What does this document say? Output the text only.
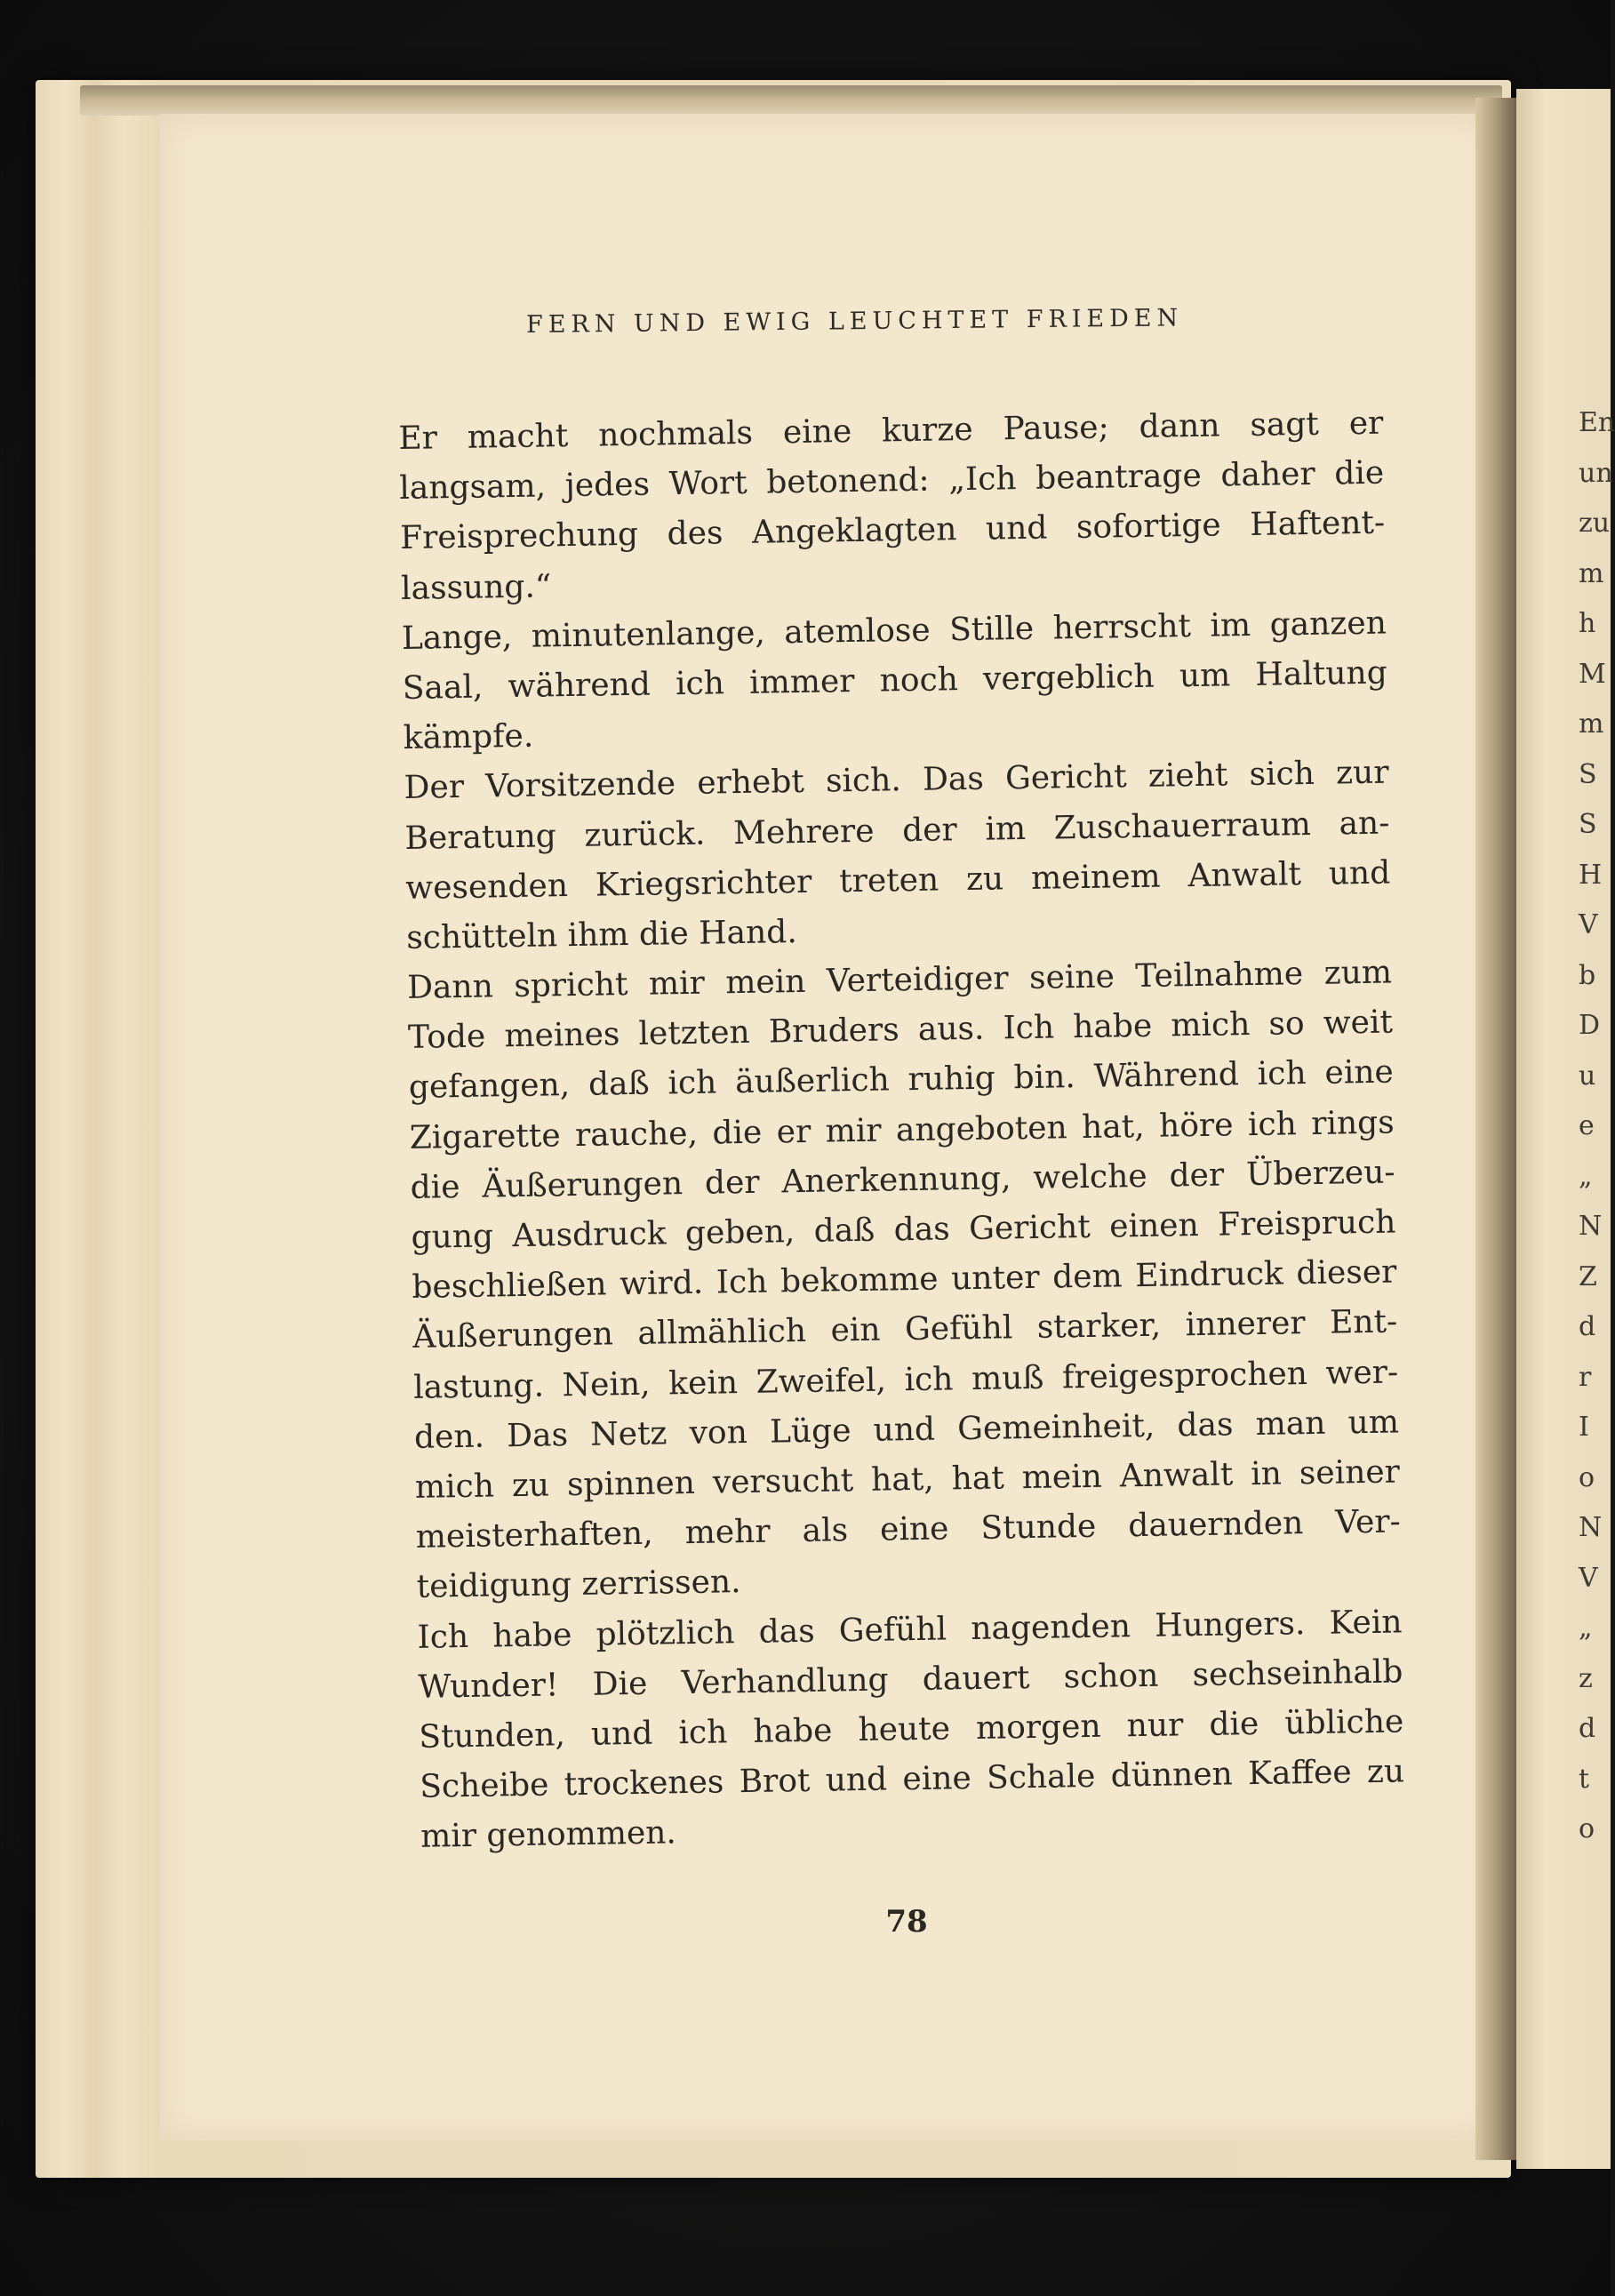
En
un
zu
m
h
M
m
S
S
H
V
b
D
u
e
„
N
Z
d
r
I
o
N
V
„
z
d
t
o
FERN UND EWIG LEUCHTET FRIEDEN
Er macht nochmals eine kurze Pause; dann sagt er
langsam, jedes Wort betonend: „Ich beantrage daher die
Freisprechung des Angeklagten und sofortige Haftent-
lassung.“
Lange, minutenlange, atemlose Stille herrscht im ganzen
Saal, während ich immer noch vergeblich um Haltung
kämpfe.
Der Vorsitzende erhebt sich. Das Gericht zieht sich zur
Beratung zurück. Mehrere der im Zuschauerraum an-
wesenden Kriegsrichter treten zu meinem Anwalt und
schütteln ihm die Hand.
Dann spricht mir mein Verteidiger seine Teilnahme zum
Tode meines letzten Bruders aus. Ich habe mich so weit
gefangen, daß ich äußerlich ruhig bin. Während ich eine
Zigarette rauche, die er mir angeboten hat, höre ich rings
die Äußerungen der Anerkennung, welche der Überzeu-
gung Ausdruck geben, daß das Gericht einen Freispruch
beschließen wird. Ich bekomme unter dem Eindruck dieser
Äußerungen allmählich ein Gefühl starker, innerer Ent-
lastung. Nein, kein Zweifel, ich muß freigesprochen wer-
den. Das Netz von Lüge und Gemeinheit, das man um
mich zu spinnen versucht hat, hat mein Anwalt in seiner
meisterhaften, mehr als eine Stunde dauernden Ver-
teidigung zerrissen.
Ich habe plötzlich das Gefühl nagenden Hungers. Kein
Wunder! Die Verhandlung dauert schon sechseinhalb
Stunden, und ich habe heute morgen nur die übliche
Scheibe trockenes Brot und eine Schale dünnen Kaffee zu
mir genommen.
78
